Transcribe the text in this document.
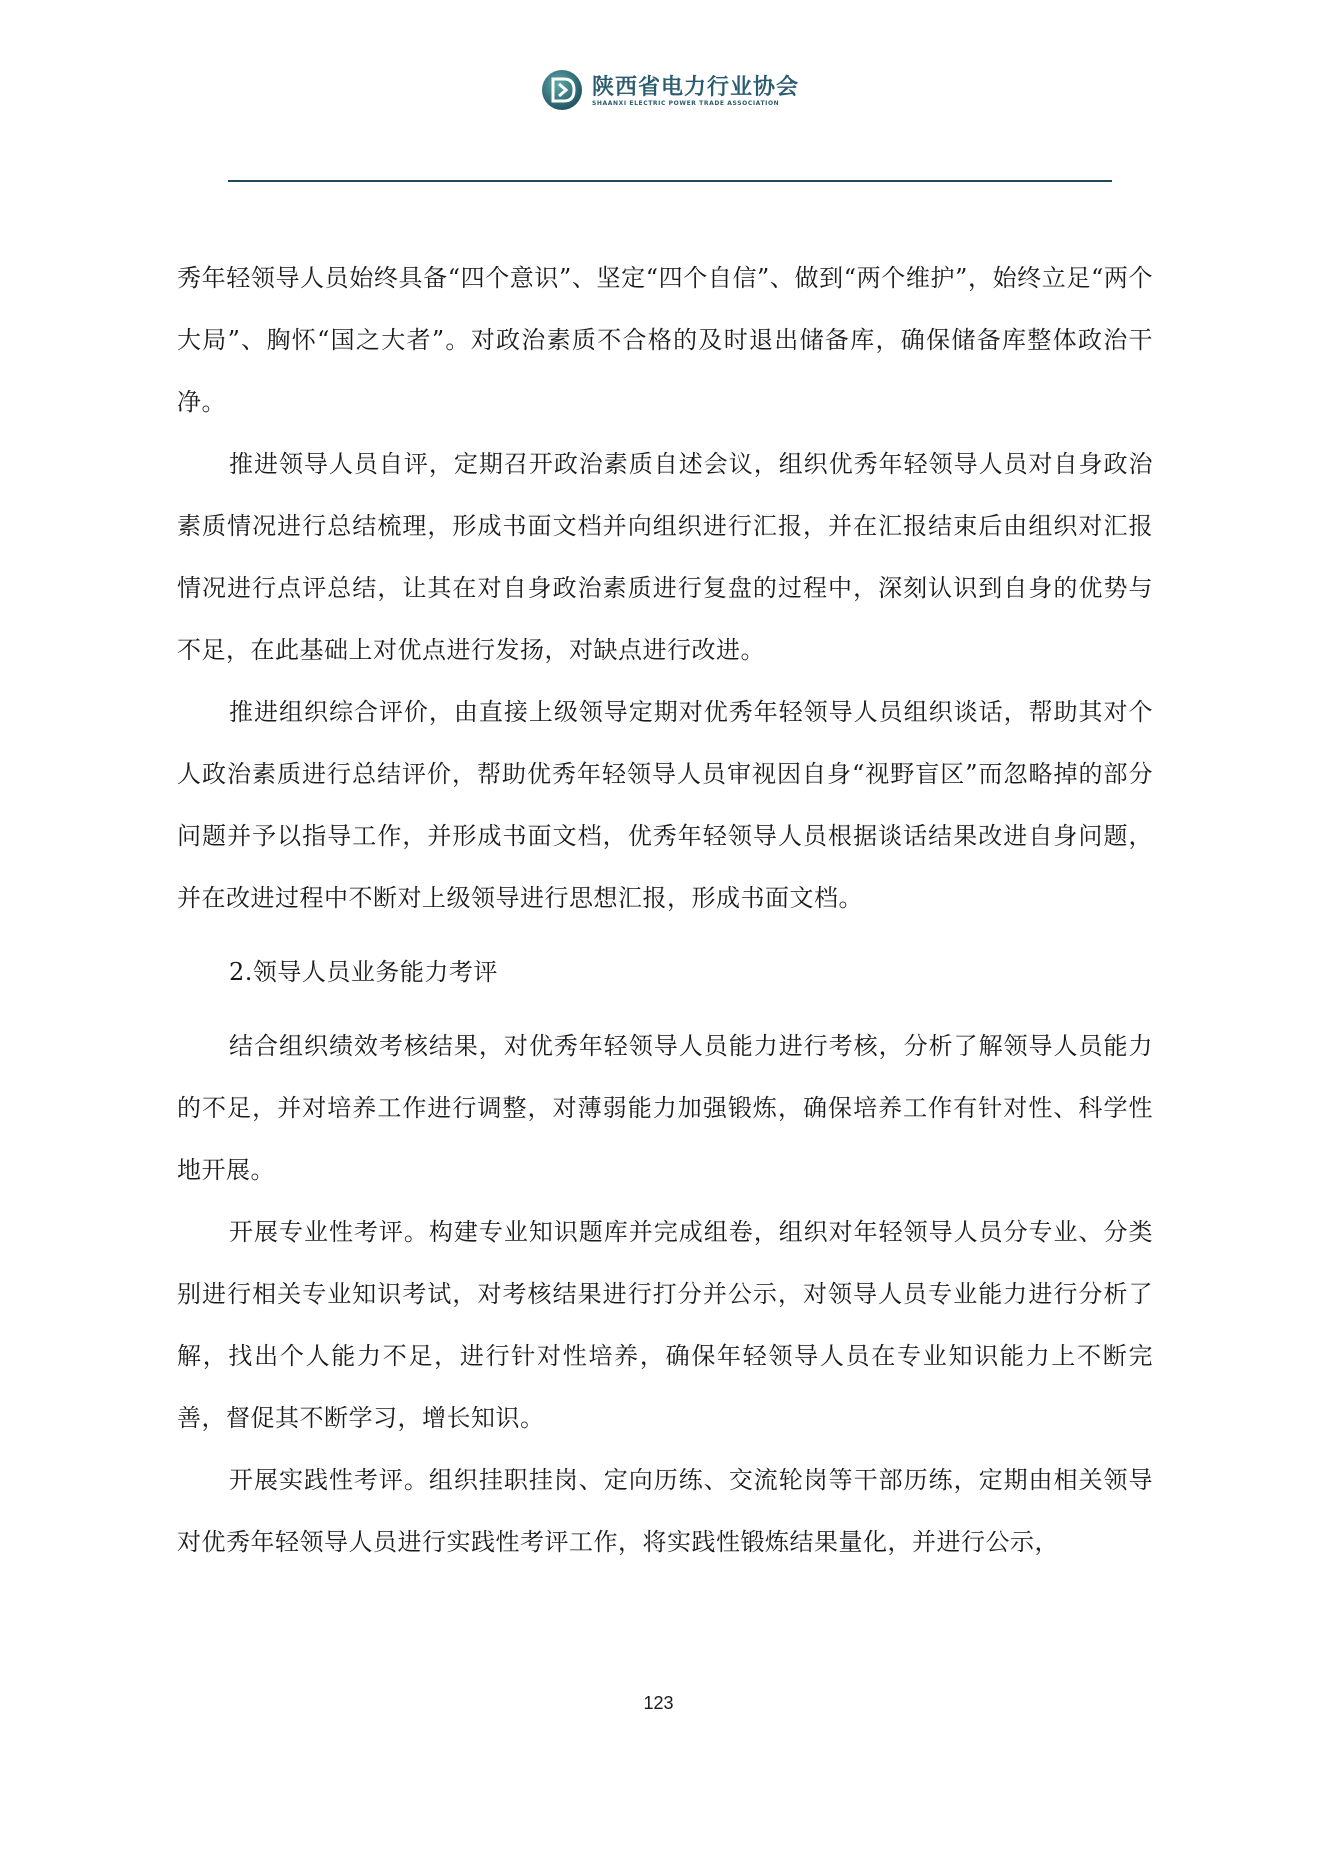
陕西省电力行业协会
SHAANXI ELECTRIC POWER TRADE ASSOCIATION

秀年轻领导人员始终具备“四个意识”、坚定“四个自信”、做到“两个维护”，始终立足“两个大局”、胸怀“国之大者”。对政治素质不合格的及时退出储备库，确保储备库整体政治干净。

推进领导人员自评，定期召开政治素质自述会议，组织优秀年轻领导人员对自身政治素质情况进行总结梳理，形成书面文档并向组织进行汇报，并在汇报结束后由组织对汇报情况进行点评总结，让其在对自身政治素质进行复盘的过程中，深刻认识到自身的优势与不足，在此基础上对优点进行发扬，对缺点进行改进。

推进组织综合评价，由直接上级领导定期对优秀年轻领导人员组织谈话，帮助其对个人政治素质进行总结评价，帮助优秀年轻领导人员审视因自身“视野盲区”而忽略掉的部分问题并予以指导工作，并形成书面文档，优秀年轻领导人员根据谈话结果改进自身问题，并在改进过程中不断对上级领导进行思想汇报，形成书面文档。

2.领导人员业务能力考评

结合组织绩效考核结果，对优秀年轻领导人员能力进行考核，分析了解领导人员能力的不足，并对培养工作进行调整，对薄弱能力加强锻炼，确保培养工作有针对性、科学性地开展。

开展专业性考评。构建专业知识题库并完成组卷，组织对年轻领导人员分专业、分类别进行相关专业知识考试，对考核结果进行打分并公示，对领导人员专业能力进行分析了解，找出个人能力不足，进行针对性培养，确保年轻领导人员在专业知识能力上不断完善，督促其不断学习，增长知识。

开展实践性考评。组织挂职挂岗、定向历练、交流轮岗等干部历练，定期由相关领导对优秀年轻领导人员进行实践性考评工作，将实践性锻炼结果量化，并进行公示，

123
